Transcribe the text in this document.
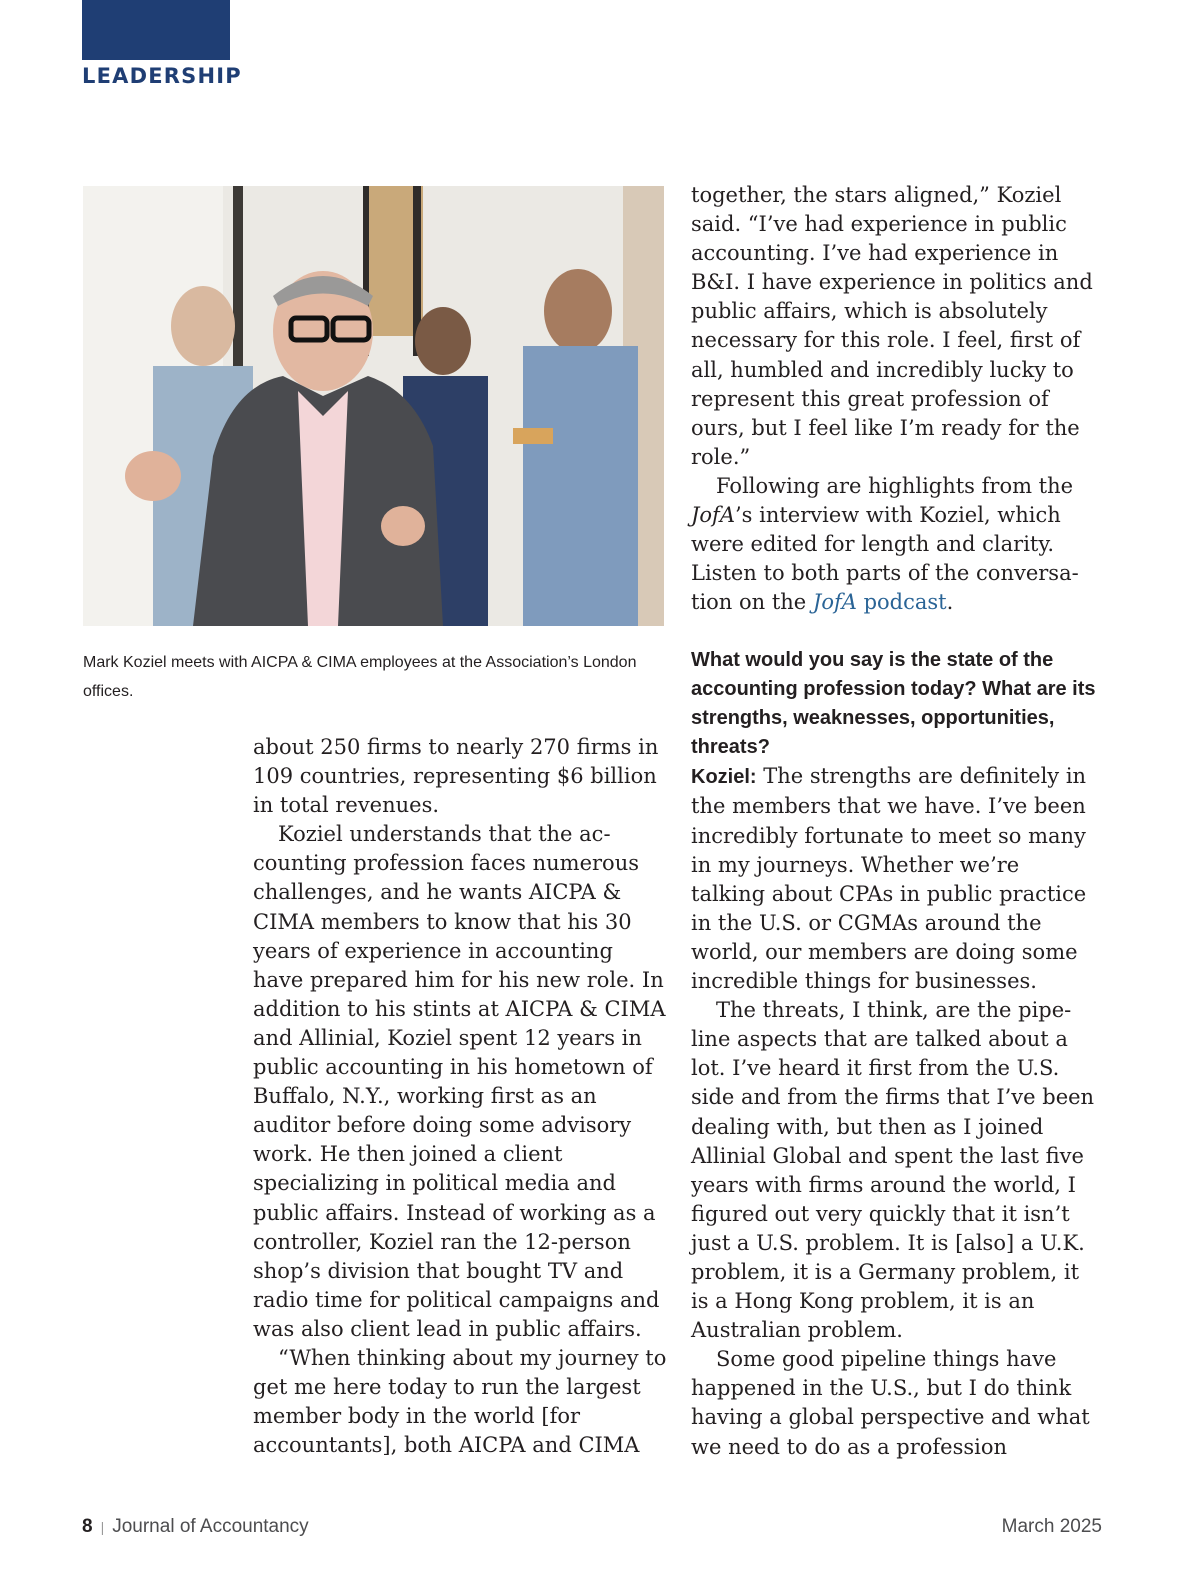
LEADERSHIP
Mark Koziel meets with AICPA & CIMA employees at the Association’s London offices.

about 250 firms to nearly 270 firms in 109 countries, representing $6 billion in total revenues.

Koziel understands that the accounting profession faces numerous challenges, and he wants AICPA & CIMA members to know that his 30 years of experience in accounting have prepared him for his new role. In addition to his stints at AICPA & CIMA and Allinial, Koziel spent 12 years in public accounting in his hometown of Buffalo, N.Y., working first as an auditor before doing some advisory work. He then joined a client specializing in political media and public affairs. Instead of working as a controller, Koziel ran the 12-person shop’s division that bought TV and radio time for political campaigns and was also client lead in public affairs.

“When thinking about my journey to get me here today to run the largest member body in the world [for accountants], both AICPA and CIMA

together, the stars aligned,” Koziel said. “I’ve had experience in public accounting. I’ve had experience in B&I. I have experience in politics and public affairs, which is absolutely necessary for this role. I feel, first of all, humbled and incredibly lucky to represent this great profession of ours, but I feel like I’m ready for the role.”

Following are highlights from the JofA’s interview with Koziel, which were edited for length and clarity. Listen to both parts of the conversation on the JofA podcast.

What would you say is the state of the accounting profession today? What are its strengths, weaknesses, opportunities, threats?

Koziel: The strengths are definitely in the members that we have. I’ve been incredibly fortunate to meet so many in my journeys. Whether we’re talking about CPAs in public practice in the U.S. or CGMAs around the world, our members are doing some incredible things for businesses.

The threats, I think, are the pipeline aspects that are talked about a lot. I’ve heard it first from the U.S. side and from the firms that I’ve been dealing with, but then as I joined Allinial Global and spent the last five years with firms around the world, I figured out very quickly that it isn’t just a U.S. problem. It is [also] a U.K. problem, it is a Germany problem, it is a Hong Kong problem, it is an Australian problem.

Some good pipeline things have happened in the U.S., but I do think having a global perspective and what we need to do as a profession

8 | Journal of Accountancy	March 2025
